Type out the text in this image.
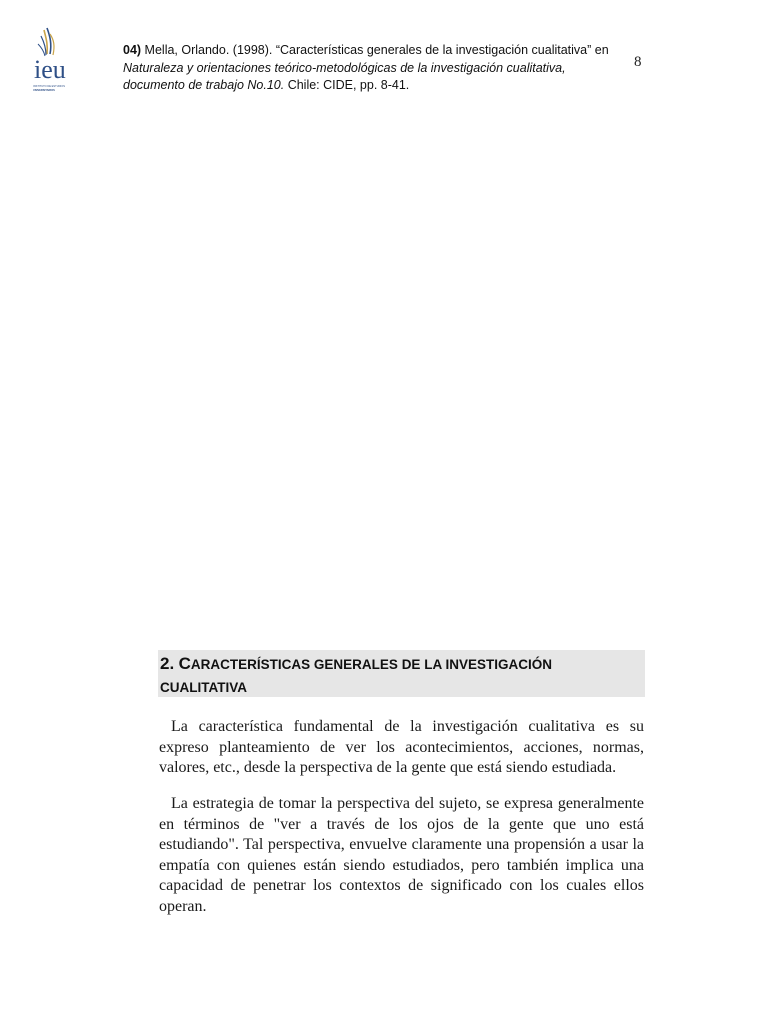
ieu
INSTITUTO DE ESTUDIOS
UNIVERSITARIOS
04) Mella, Orlando. (1998). “Características generales de la investigación cualitativa” en
Naturaleza y orientaciones teórico-metodológicas de la investigación cualitativa, documento de trabajo No.10. Chile: CIDE, pp. 8-41.
8
2. CARACTERÍSTICAS GENERALES DE LA INVESTIGACIÓN
CUALITATIVA

La característica fundamental de la investigación cualitativa es su expreso planteamiento de ver los acontecimientos, acciones, normas, valores, etc., desde la perspectiva de la gente que está siendo estudiada.

La estrategia de tomar la perspectiva del sujeto, se expresa generalmente en términos de "ver a través de los ojos de la gente que uno está estudiando". Tal perspectiva, envuelve claramente una propensión a usar la empatía con quienes están siendo estudiados, pero también implica una capacidad de penetrar los contextos de significado con los cuales ellos operan.
